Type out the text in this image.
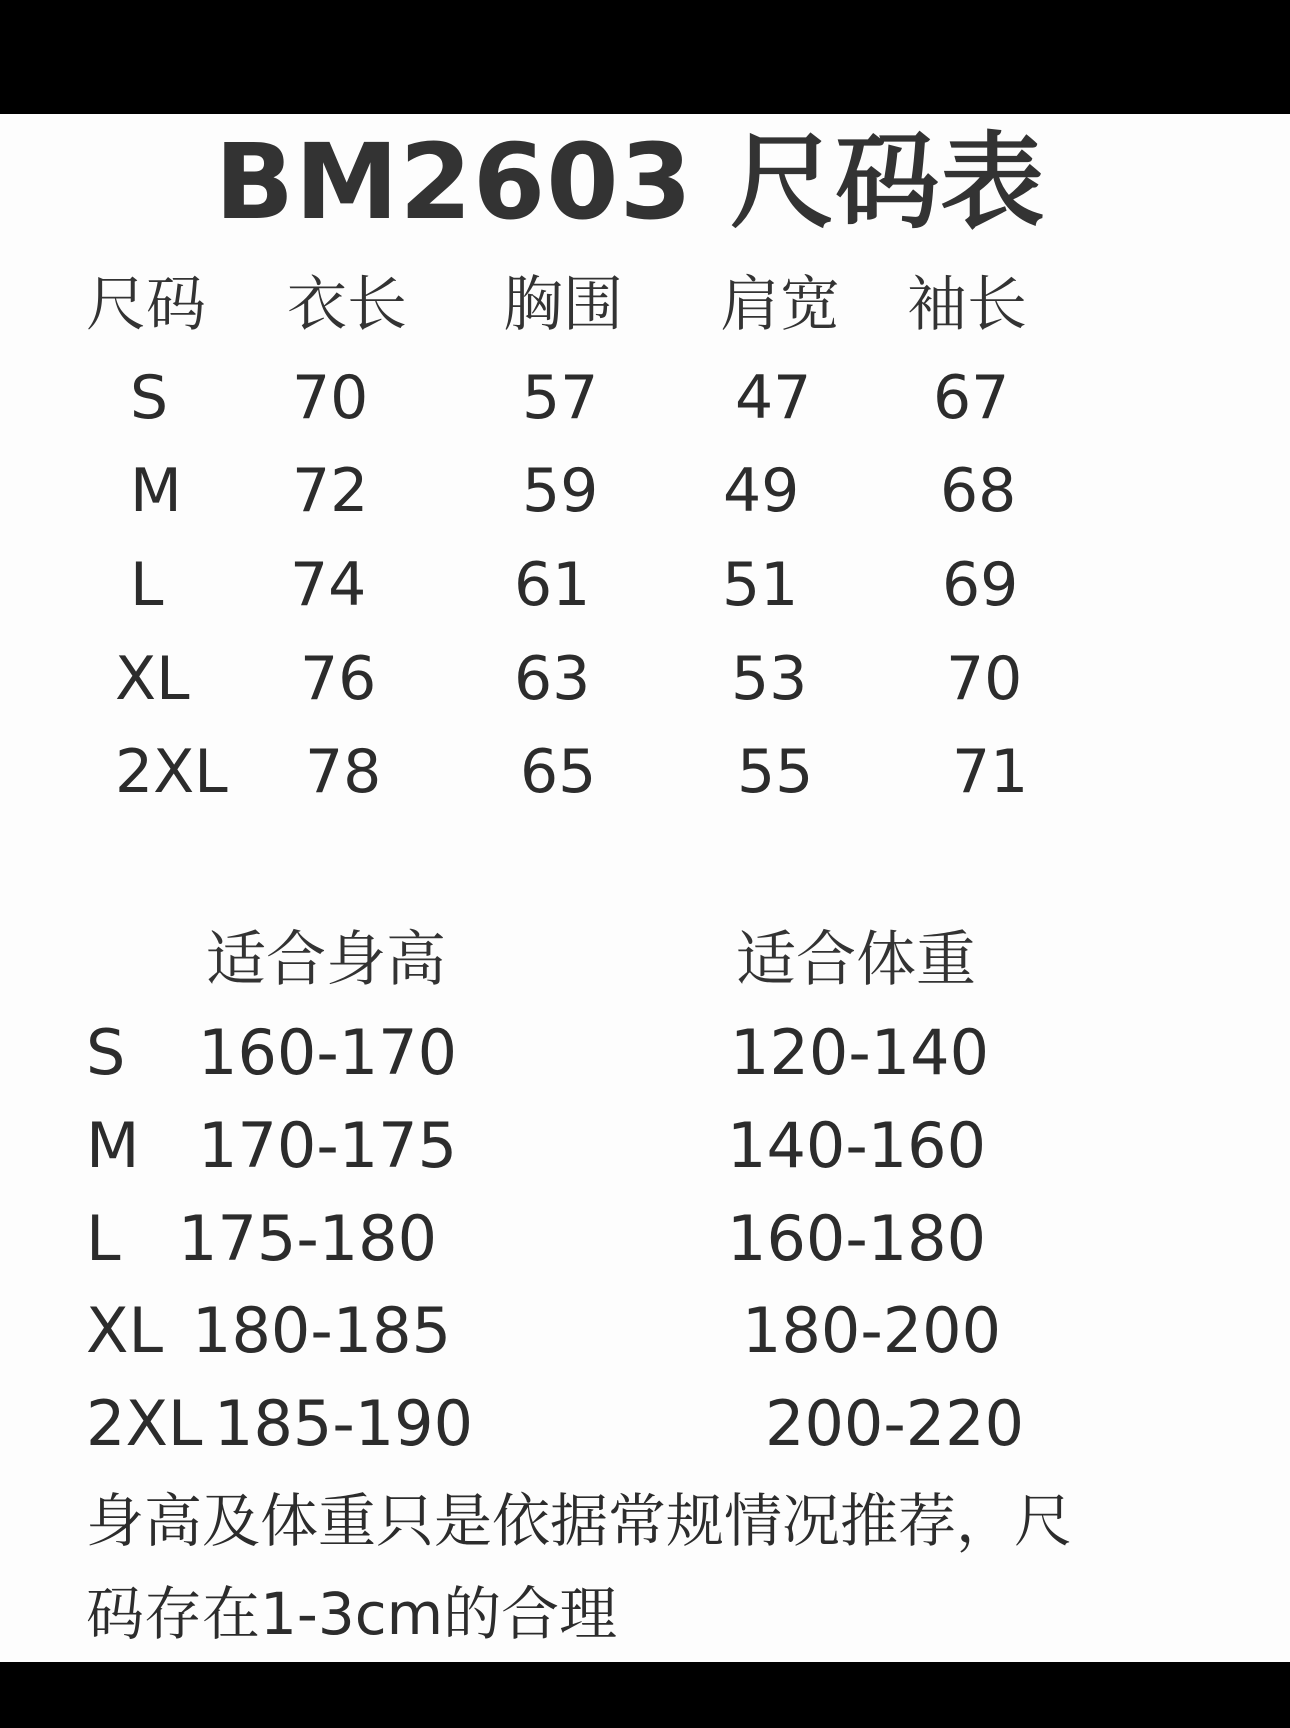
BM2603 尺码表
尺码 衣长 胸围 肩宽 袖长
S 70	57 47 67
M 72	59 49 68
L 74 61 51 69
XL 76 63 53 70
2XL 78 65 55 71
适合身高	适合体重
S 160-170	120-140
M 170-175	140-160
L 175-180	160-180
XL 180-185	180-200
2XL 185-190	200-220
身高及体重只是依据常规情况推荐，尺
码存在1-3cm的合理
